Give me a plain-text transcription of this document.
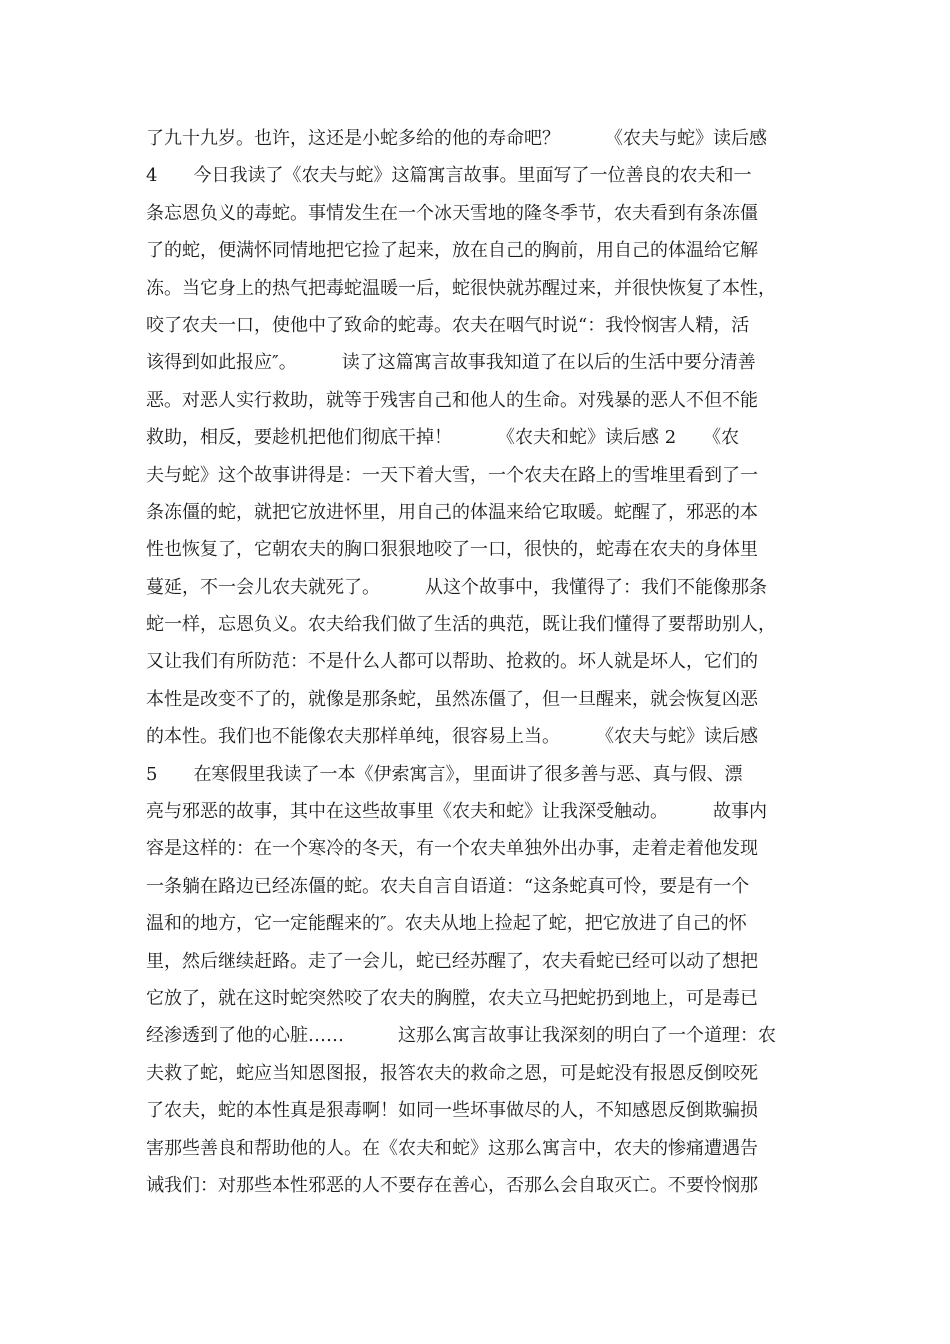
了九十九岁。也许，这还是小蛇多给的他的寿命吧？　　　《农夫与蛇》读后感
4　　今日我读了《农夫与蛇》这篇寓言故事。里面写了一位善良的农夫和一
条忘恩负义的毒蛇。事情发生在一个冰天雪地的隆冬季节，农夫看到有条冻僵
了的蛇，便满怀同情地把它捡了起来，放在自己的胸前，用自己的体温给它解
冻。当它身上的热气把毒蛇温暖一后，蛇很快就苏醒过来，并很快恢复了本性，
咬了农夫一口，使他中了致命的蛇毒。农夫在咽气时说“：我怜悯害人精，活
该得到如此报应″。　　　读了这篇寓言故事我知道了在以后的生活中要分清善
恶。对恶人实行救助，就等于残害自己和他人的生命。对残暴的恶人不但不能
救助，相反，要趁机把他们彻底干掉！　　　《农夫和蛇》读后感 2　　《农
夫与蛇》这个故事讲得是：一天下着大雪，一个农夫在路上的雪堆里看到了一
条冻僵的蛇，就把它放进怀里，用自己的体温来给它取暖。蛇醒了，邪恶的本
性也恢复了，它朝农夫的胸口狠狠地咬了一口，很快的，蛇毒在农夫的身体里
蔓延，不一会儿农夫就死了。　　　从这个故事中，我懂得了：我们不能像那条
蛇一样，忘恩负义。农夫给我们做了生活的典范，既让我们懂得了要帮助别人，
又让我们有所防范：不是什么人都可以帮助、抢救的。坏人就是坏人，它们的
本性是改变不了的，就像是那条蛇，虽然冻僵了，但一旦醒来，就会恢复凶恶
的本性。我们也不能像农夫那样单纯，很容易上当。　　　《农夫与蛇》读后感
5　　在寒假里我读了一本《伊索寓言》，里面讲了很多善与恶、真与假、漂
亮与邪恶的故事，其中在这些故事里《农夫和蛇》让我深受触动。　　　故事内
容是这样的：在一个寒冷的冬天，有一个农夫单独外出办事，走着走着他发现
一条躺在路边已经冻僵的蛇。农夫自言自语道：“这条蛇真可怜，要是有一个
温和的地方，它一定能醒来的″。农夫从地上捡起了蛇，把它放进了自己的怀
里，然后继续赶路。走了一会儿，蛇已经苏醒了，农夫看蛇已经可以动了想把
它放了，就在这时蛇突然咬了农夫的胸膛，农夫立马把蛇扔到地上，可是毒已
经渗透到了他的心脏……　　　这那么寓言故事让我深刻的明白了一个道理：农
夫救了蛇，蛇应当知恩图报，报答农夫的救命之恩，可是蛇没有报恩反倒咬死
了农夫，蛇的本性真是狠毒啊！如同一些坏事做尽的人，不知感恩反倒欺骗损
害那些善良和帮助他的人。在《农夫和蛇》这那么寓言中，农夫的惨痛遭遇告
诫我们：对那些本性邪恶的人不要存在善心，否那么会自取灭亡。不要怜悯那
